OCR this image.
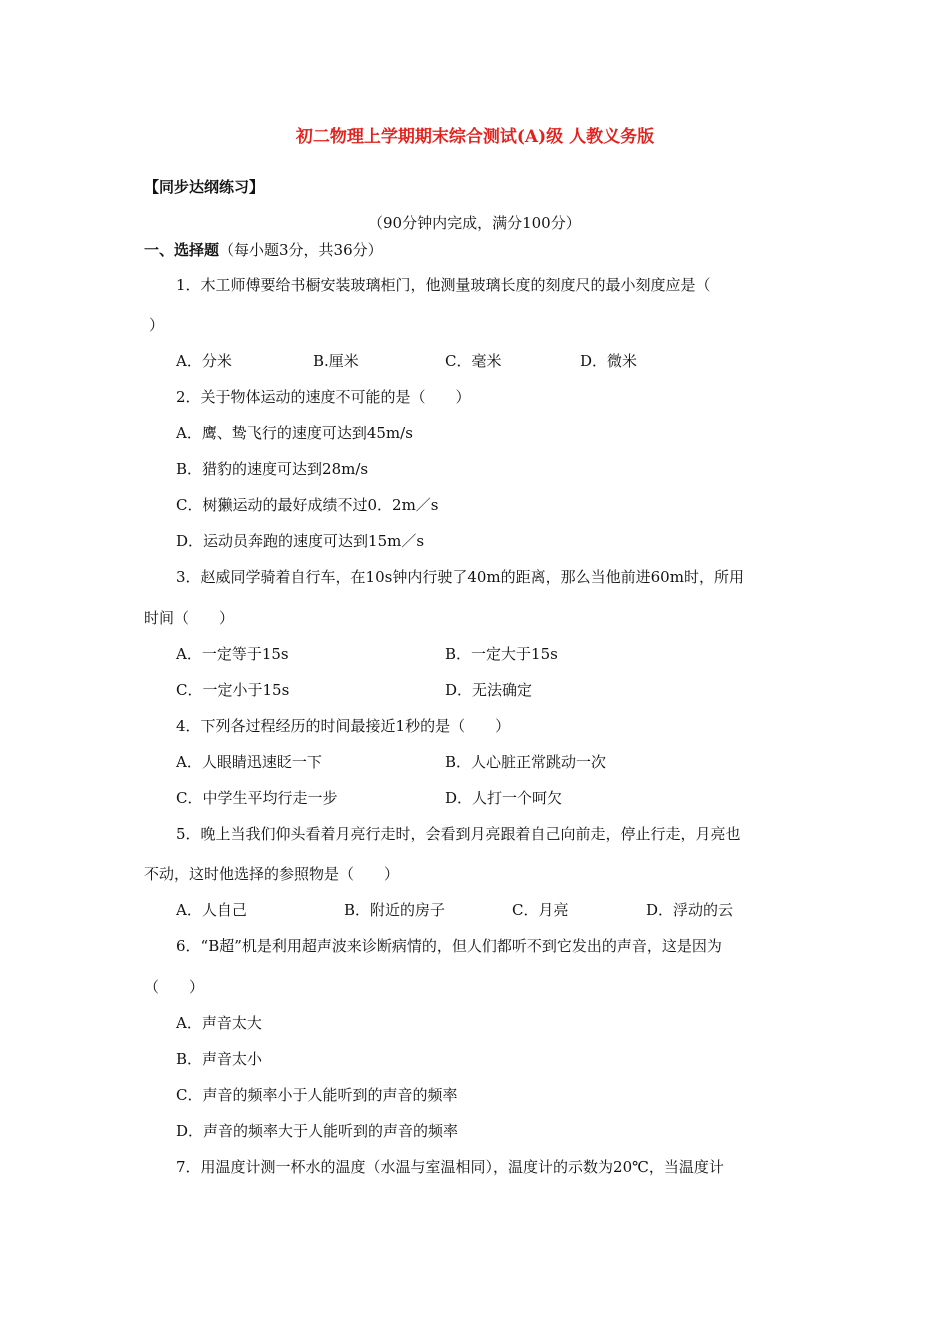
初二物理上学期期末综合测试(A)级 人教义务版
【同步达纲练习】
（90分钟内完成，满分100分）
一、选择题（每小题3分，共36分）
1．木工师傅要给书橱安装玻璃柜门，他测量玻璃长度的刻度尺的最小刻度应是（
）
A．分米	B.厘米	C．毫米	D．微米
2．关于物体运动的速度不可能的是（　　）
A．鹰、鸷飞行的速度可达到45m/s
B．猎豹的速度可达到28m/s
C．树獭运动的最好成绩不过0．2m／s
D．运动员奔跑的速度可达到15m／s
3．赵威同学骑着自行车，在10s钟内行驶了40m的距离，那么当他前进60m时，所用
时间（　　）
A．一定等于15s	B．一定大于15s
C．一定小于15s	D．无法确定
4．下列各过程经历的时间最接近1秒的是（　　）
A．人眼睛迅速眨一下	B．人心脏正常跳动一次
C．中学生平均行走一步	D．人打一个呵欠
5．晚上当我们仰头看着月亮行走时，会看到月亮跟着自己向前走，停止行走，月亮也
不动，这时他选择的参照物是（　　）
A．人自己	B．附近的房子	C．月亮	D．浮动的云
6．“B超”机是利用超声波来诊断病情的，但人们都听不到它发出的声音，这是因为
（　　）
A．声音太大
B．声音太小
C．声音的频率小于人能听到的声音的频率
D．声音的频率大于人能听到的声音的频率
7．用温度计测一杯水的温度（水温与室温相同），温度计的示数为20℃，当温度计
